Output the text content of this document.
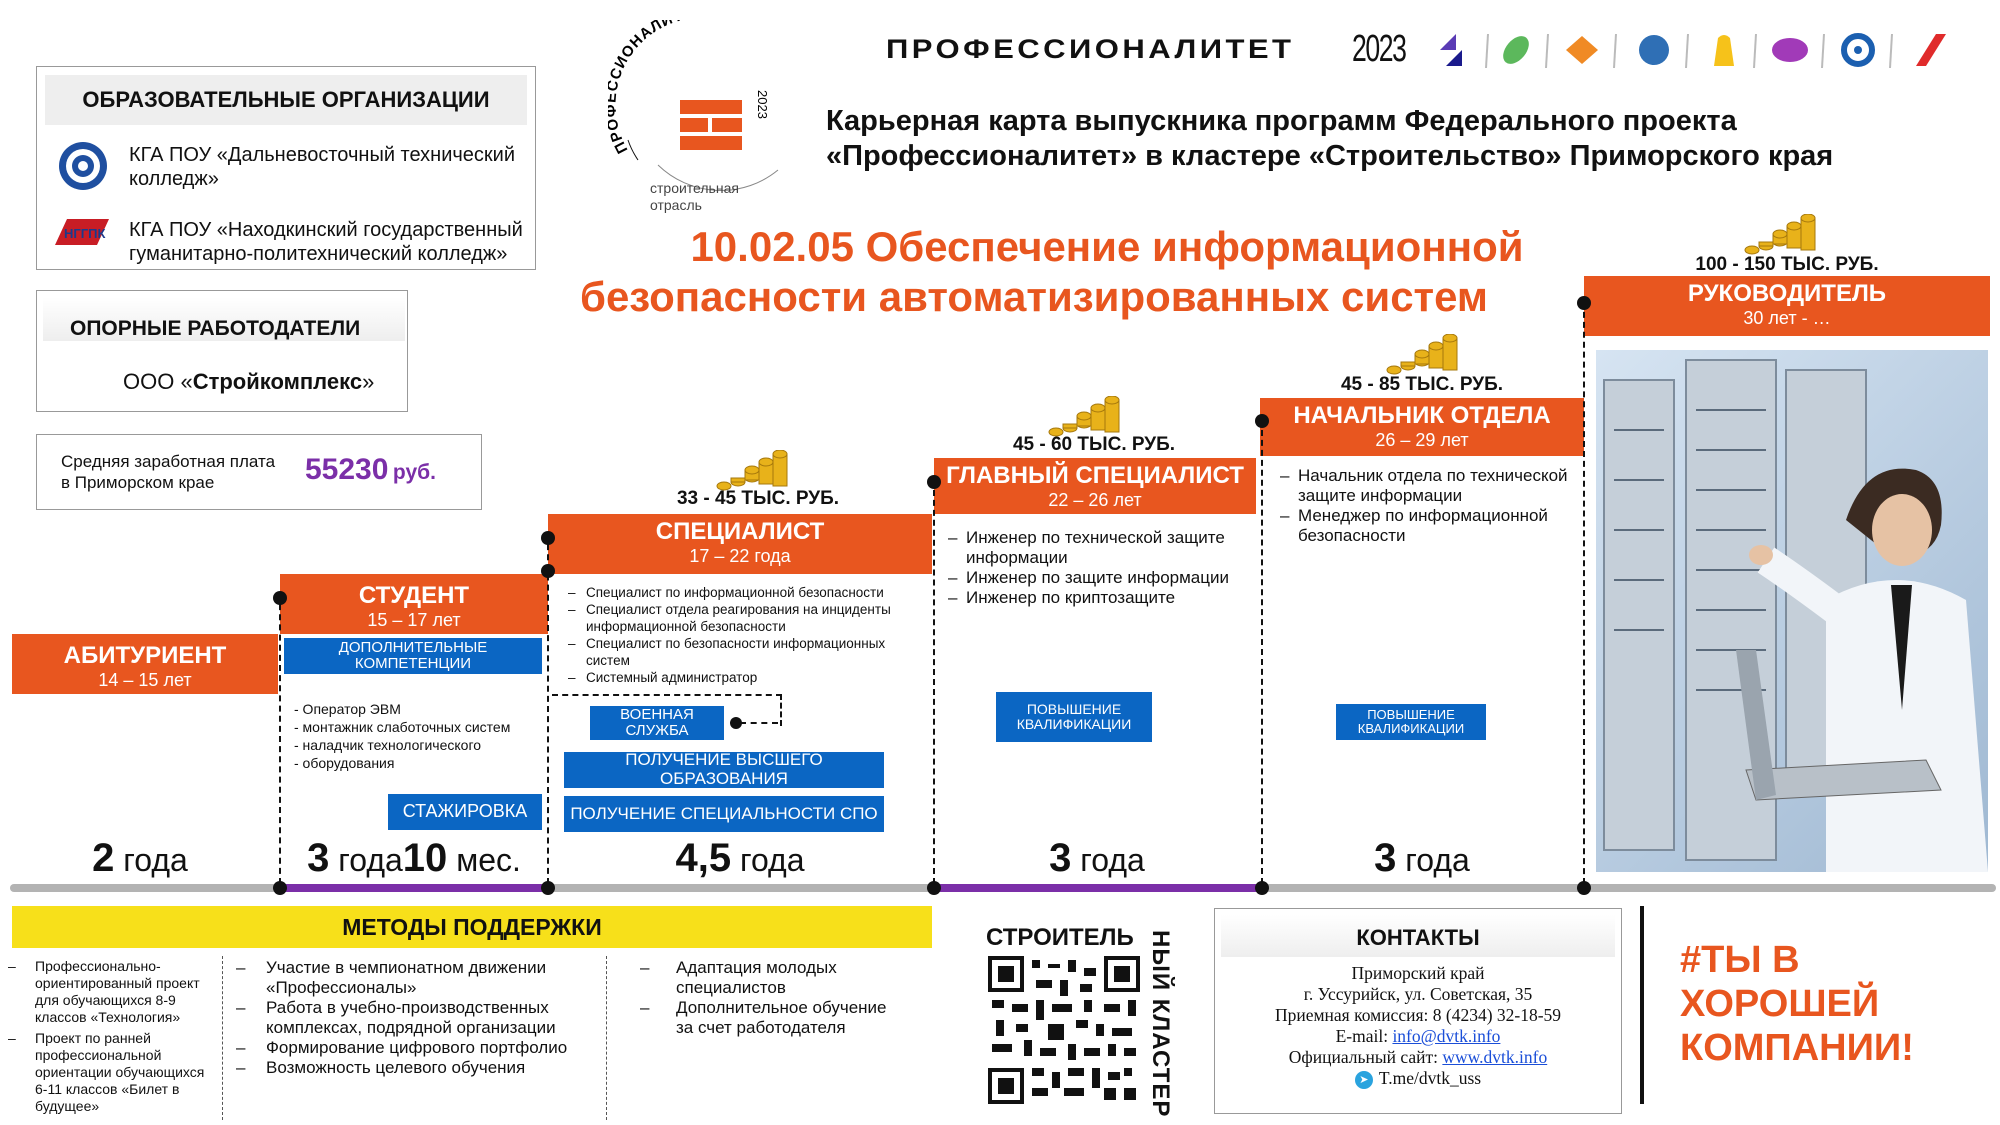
ОБРАЗОВАТЕЛЬНЫЕ ОРГАНИЗАЦИИ
КГА ПОУ «Дальневосточный технический колледж»
НГГПК КГА ПОУ «Находкинский государственный гуманитарно-политехнический колледж»
ОПОРНЫЕ РАБОТОДАТЕЛИ
ООО «Стройкомплекс»
Средняя заработная плата
в Приморском крае	55230 руб.
ПР СИОНАЛИ
2023
строительная
отрасль
ПРОФЕССИОНАЛИТЕТ 2023
Карьерная карта выпускника программ Федерального проекта
«Профессионалитет» в кластере «Строительство» Приморского края
10.02.05 Обеспечение информационной
безопасности автоматизированных систем
АБИТУРИЕНТ
14 – 15 лет
СТУДЕНТ
15 – 17 лет
ДОПОЛНИТЕЛЬНЫЕ КОМПЕТЕНЦИИ
- Оператор ЭВМ
- монтажник слаботочных систем
- наладчик технологического
- оборудования
СТАЖИРОВКА
33 - 45 ТЫС. РУБ.
СПЕЦИАЛИСТ
17 – 22 года
– Специалист по информационной безопасности
– Специалист отдела реагирования на инциденты информационной безопасности
– Специалист по безопасности информационных систем
– Системный администратор
ВОЕННАЯ СЛУЖБА
ПОЛУЧЕНИЕ ВЫСШЕГО ОБРАЗОВАНИЯ
ПОЛУЧЕНИЕ СПЕЦИАЛЬНОСТИ СПО
45 - 60 ТЫС. РУБ.
ГЛАВНЫЙ СПЕЦИАЛИСТ
22 – 26 лет
– Инженер по технической защите информации
– Инженер по защите информации
– Инженер по криптозащите
ПОВЫШЕНИЕ КВАЛИФИКАЦИИ
45 - 85 ТЫС. РУБ.
НАЧАЛЬНИК ОТДЕЛА
26 – 29 лет
– Начальник отдела по технической защите информации
– Менеджер по информационной безопасности
ПОВЫШЕНИЕ КВАЛИФИКАЦИИ
100 - 150 ТЫС. РУБ.
РУКОВОДИТЕЛЬ
30 лет - …
2 года	3 года10 мес.	4,5 года	3 года	3 года
МЕТОДЫ ПОДДЕРЖКИ
– Профессионально-ориентированный проект для обучающихся 8-9 классов «Технология»
– Проект по ранней профессиональной ориентации обучающихся 6-11 классов «Билет в будущее»
– Участие в чемпионатном движении «Профессионалы»
– Работа в учебно-производственных комплексах, подрядной организации
– Формирование цифрового портфолио
– Возможность целевого обучения
– Адаптация молодых специалистов
– Дополнительное обучение за счет работодателя
СТРОИТЕЛЬ НЫЙ КЛАСТЕР	КОНТАКТЫ
Приморский край
г. Уссурийск, ул. Советская, 35
Приемная комиссия: 8 (4234) 32-18-59
E-mail: info@dvtk.info
Официальный сайт: www.dvtk.info
➤ T.me/dvtk_uss
#ТЫ В
ХОРОШЕЙ
КОМПАНИИ!
